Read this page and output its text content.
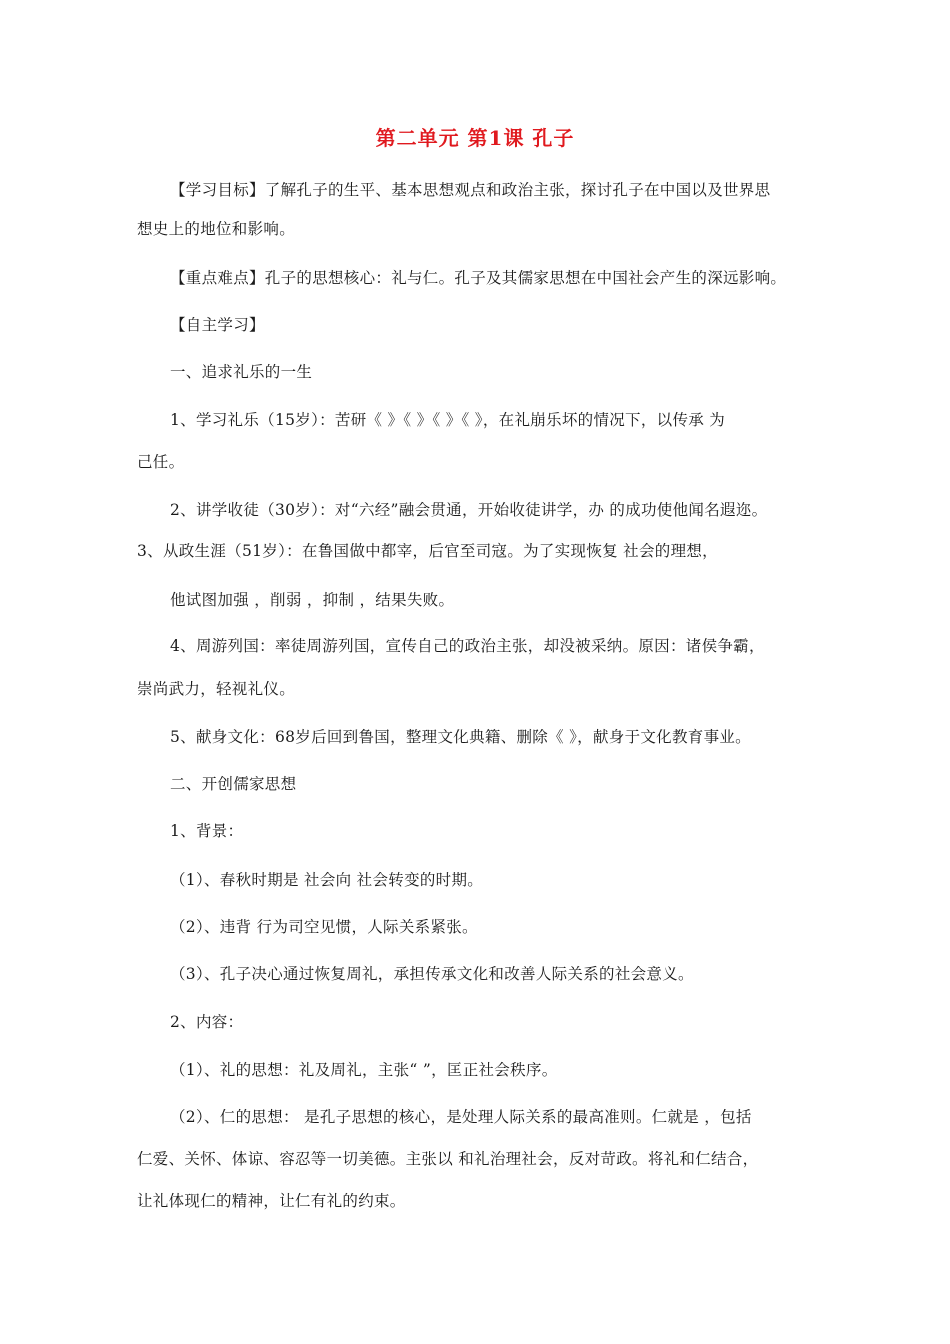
第二单元 第1课 孔子
【学习目标】了解孔子的生平、基本思想观点和政治主张，探讨孔子在中国以及世界思
想史上的地位和影响。
【重点难点】孔子的思想核心：礼与仁。孔子及其儒家思想在中国社会产生的深远影响。
【自主学习】
一、追求礼乐的一生
1、学习礼乐（15岁）：苦研《 》《 》《 》《 》，在礼崩乐坏的情况下，以传承 为
己任。
2、讲学收徒（30岁）：对“六经”融会贯通，开始收徒讲学，办 的成功使他闻名遐迩。
3、从政生涯（51岁）：在鲁国做中都宰，后官至司寇。为了实现恢复 社会的理想，
他试图加强 ，削弱 ，抑制 ，结果失败。
4、周游列国：率徒周游列国，宣传自己的政治主张，却没被采纳。原因：诸侯争霸，
崇尚武力，轻视礼仪。
5、献身文化：68岁后回到鲁国，整理文化典籍、删除《 》，献身于文化教育事业。
二、开创儒家思想
1、背景：
（1）、春秋时期是 社会向 社会转变的时期。
（2）、违背 行为司空见惯，人际关系紧张。
（3）、孔子决心通过恢复周礼，承担传承文化和改善人际关系的社会意义。
2、内容：
（1）、礼的思想：礼及周礼，主张“ ”，匡正社会秩序。
（2）、仁的思想： 是孔子思想的核心，是处理人际关系的最高准则。仁就是 ，包括
仁爱、关怀、体谅、容忍等一切美德。主张以 和礼治理社会，反对苛政。将礼和仁结合，
让礼体现仁的精神，让仁有礼的约束。
